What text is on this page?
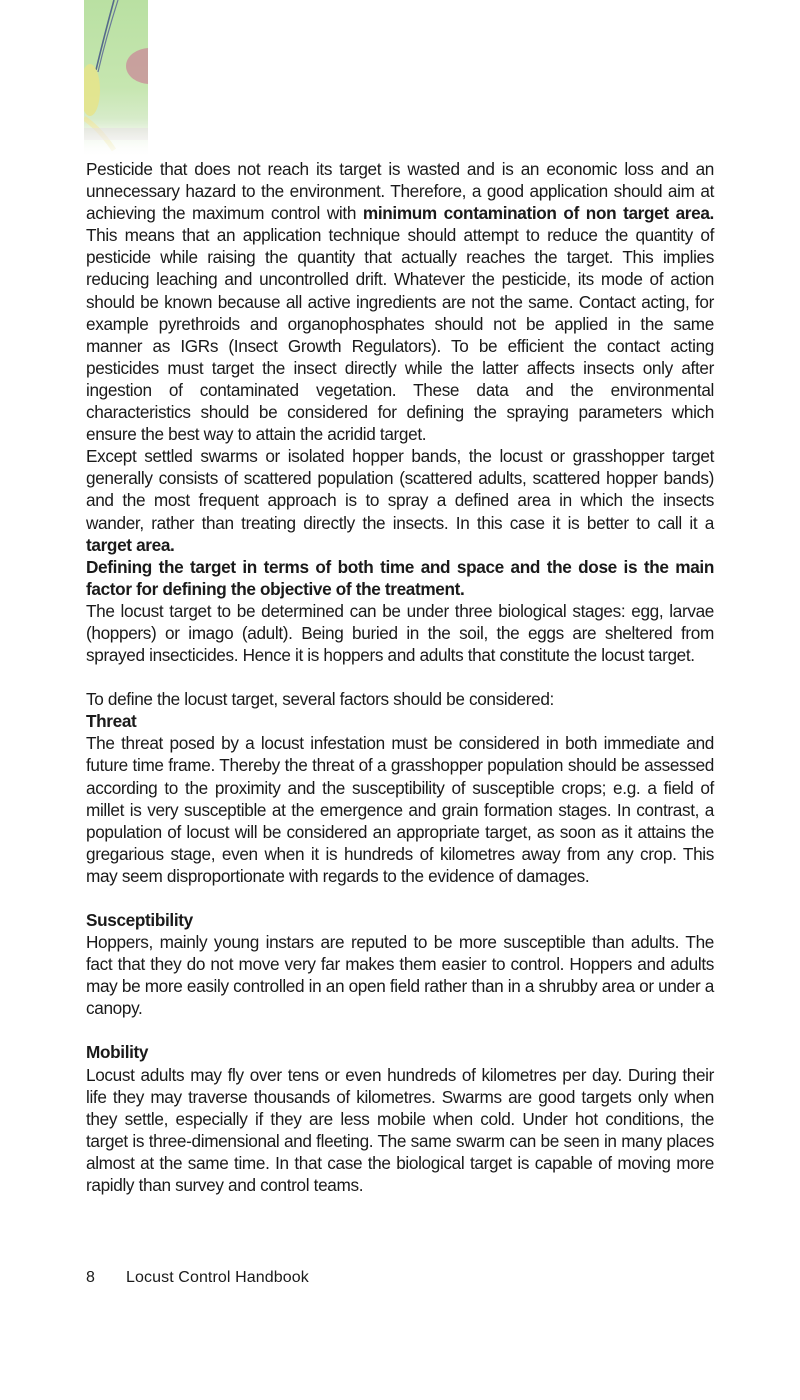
Pesticide that does not reach its target is wasted and is an economic loss and an unnecessary hazard to the environment. Therefore, a good application should aim at achieving the maximum control with minimum contamination of non target area. This means that an application technique should attempt to reduce the quantity of pesticide while raising the quantity that actually reaches the target. This implies reducing leaching and uncontrolled drift. Whatever the pesticide, its mode of action should be known because all active ingredients are not the same. Contact acting, for example pyrethroids and organophosphates should not be applied in the same manner as IGRs (Insect Growth Regulators). To be efficient the contact acting pesticides must target the insect directly while the latter affects insects only after ingestion of contaminated vegetation. These data and the environmental characteristics should be considered for defining the spraying parameters which ensure the best way to attain the acridid target.

Except settled swarms or isolated hopper bands, the locust or grasshopper target generally consists of scattered population (scattered adults, scattered hopper bands) and the most frequent approach is to spray a defined area in which the insects wander, rather than treating directly the insects. In this case it is better to call it a target area.

Defining the target in terms of both time and space and the dose is the main factor for defining the objective of the treatment.

The locust target to be determined can be under three biological stages: egg, larvae (hoppers) or imago (adult). Being buried in the soil, the eggs are sheltered from sprayed insecticides. Hence it is hoppers and adults that constitute the locust target.

To define the locust target, several factors should be considered:

Threat

The threat posed by a locust infestation must be considered in both immediate and future time frame. Thereby the threat of a grasshopper population should be assessed according to the proximity and the susceptibility of susceptible crops; e.g. a field of millet is very susceptible at the emergence and grain formation stages. In contrast, a population of locust will be considered an appropriate target, as soon as it attains the gregarious stage, even when it is hundreds of kilometres away from any crop. This may seem disproportionate with regards to the evidence of damages.

Susceptibility

Hoppers, mainly young instars are reputed to be more susceptible than adults. The fact that they do not move very far makes them easier to control. Hoppers and adults may be more easily controlled in an open field rather than in a shrubby area or under a canopy.

Mobility

Locust adults may fly over tens or even hundreds of kilometres per day. During their life they may traverse thousands of kilometres. Swarms are good targets only when they settle, especially if they are less mobile when cold. Under hot conditions, the target is three-dimensional and fleeting. The same swarm can be seen in many places almost at the same time. In that case the biological target is capable of moving more rapidly than survey and control teams.

8 Locust Control Handbook
